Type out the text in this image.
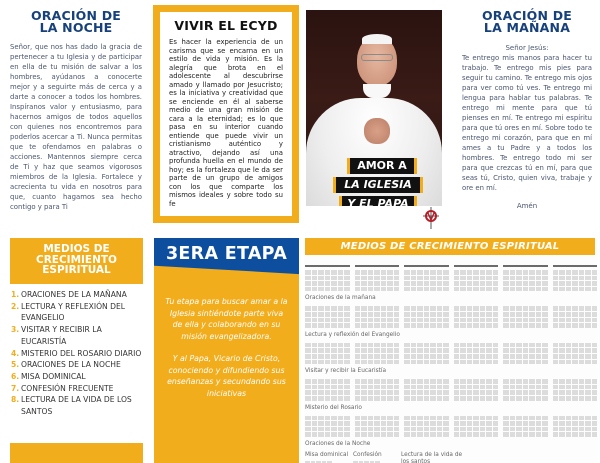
ORACIÓN DE
LA NOCHE

Señor, que nos has dado la gracia de pertenecer a tu Iglesia y de participar en ella de tu misión de salvar a los hombres, ayúdanos a conocerte mejor y a seguirte más de cerca y a darte a conocer a todos los hombres. Inspíranos valor y entusiasmo, para hacernos amigos de todos aquellos con quienes nos encontremos para poderlos acercar a Ti. Nunca permitas que te ofendamos en palabras o acciones. Mantennos siempre cerca de Ti y haz que seamos vigorosos miembros de la Iglesia. Fortalece y acrecienta tu vida en nosotros para que, cuanto hagamos sea hecho contigo y para Ti

VIVIR EL ECYD

Es hacer la experiencia de un carisma que se encarna en un estilo de vida y misión. Es la alegría que brota en el adolescente al descubrirse amado y llamado por Jesucristo; es la iniciativa y creatividad que se enciende en él al saberse medio de una gran misión de cara a la eternidad; es lo que pasa en su interior cuando entiende que puede vivir un cristianismo auténtico y atractivo, dejando así una profunda huella en el mundo de hoy; es la fortaleza que le da ser parte de un grupo de amigos con los que comparte los mismos ideales y sobre todo su fe

AMOR A
LA IGLESIA
Y EL PAPA
ORACIÓN DE
LA MAÑANA
Señor Jesús:

Te entrego mis manos para hacer tu trabajo. Te entrego mis pies para seguir tu camino. Te entrego mis ojos para ver como tú ves. Te entrego mi lengua para hablar tus palabras. Te entrego mi mente para que tú pienses en mí. Te entrego mi espíritu para que tú ores en mí. Sobre todo te entrego mi corazón, para que en mí ames a tu Padre y a todos los hombres. Te entrego todo mi ser para que crezcas tú en mí, para que seas tú, Cristo, quien viva, trabaje y ore en mí.

Amén
MEDIOS DE
CRECIMIENTO
ESPIRITUAL
1. ORACIONES DE LA MAÑANA
2. LECTURA Y REFLEXIÓN DEL EVANGELIO
3. VISITAR Y RECIBIR LA EUCARISTÍA
4. MISTERIO DEL ROSARIO DIARIO
5. ORACIONES DE LA NOCHE
6. MISA DOMINICAL
7. CONFESIÓN FRECUENTE
8. LECTURA DE LA VIDA DE LOS SANTOS
3ERA ETAPA

Tu etapa para buscar amar a la Iglesia sintiéndote parte viva de ella y colaborando en su misión evangelizadora.

Y al Papa, Vicario de Cristo, conociendo y difundiendo sus enseñanzas y secundando sus iniciativas

MEDIOS DE CRECIMIENTO ESPIRITUAL
Oraciones de la mañana
Lectura y reflexión del Evangelio
Visitar y recibir la Eucaristía
Misterio del Rosario
Oraciones de la Noche
Misa dominical Confesión	Lectura de la vida de los santos
